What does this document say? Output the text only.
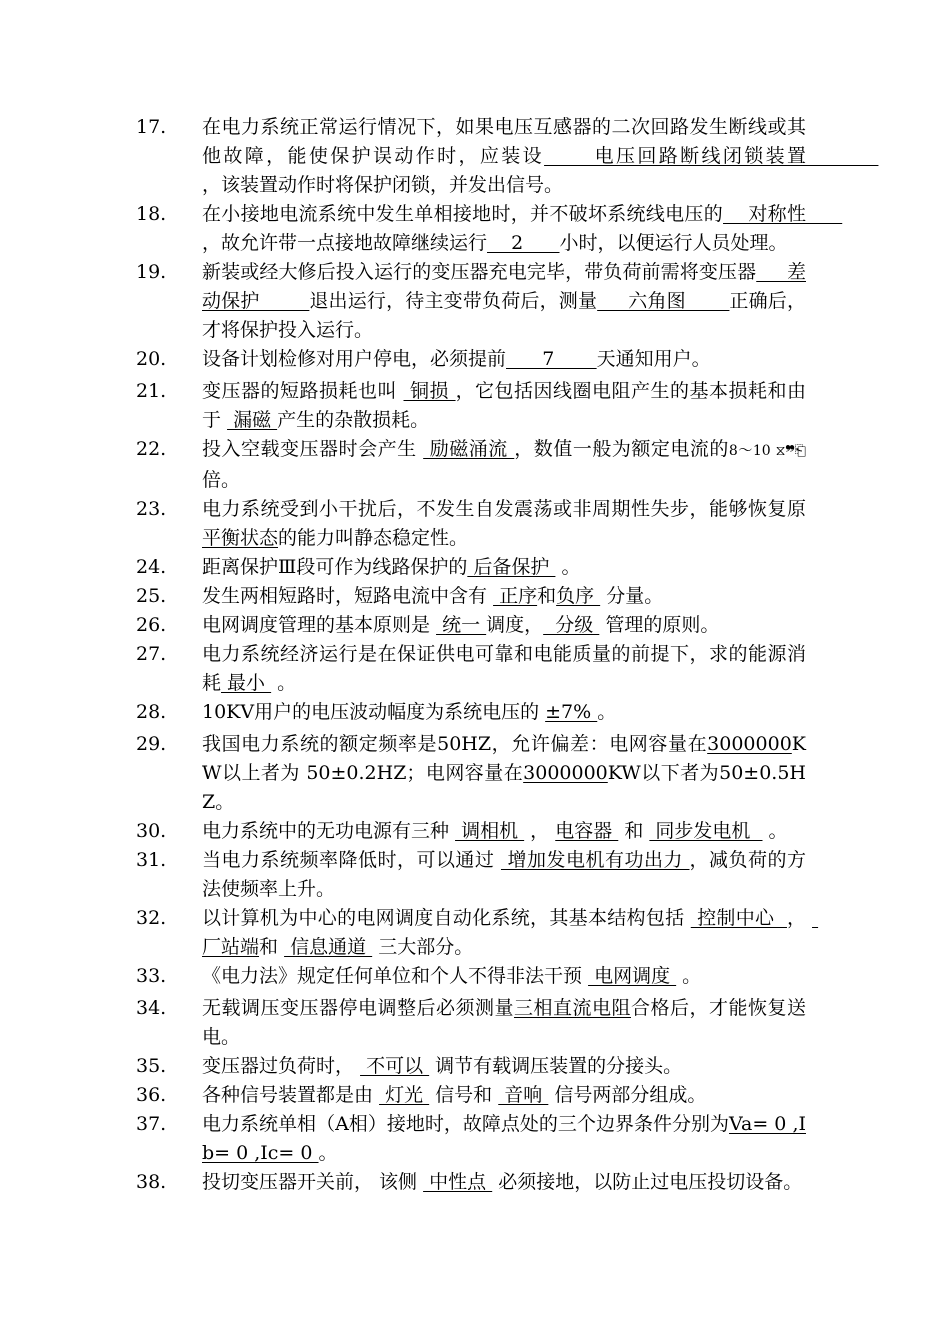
17.	在电力系统正常运行情况下，如果电压互感器的二次回路发生断线或其他故障，能使保护误动作时，应装设      电压回路断线闭锁装置            ，该装置动作时将保护闭锁，并发出信号。
18.	在小接地电流系统中发生单相接地时，并不破坏系统线电压的    对称性      ，故允许带一点接地故障继续运行    2      小时，以便运行人员处理。
19.	新装或经大修后投入运行的变压器充电完毕，带负荷前需将变压器     差动保护        退出运行，待主变带负荷后，测量     六角图       正确后，才将保护投入运行。
20.	设备计划检修对用户停电，必须提前      7       天通知用户。
21.	变压器的短路损耗也叫  铜损 ，它包括因线圈电阻产生的基本损耗和由于  漏磁 产生的杂散损耗。
22.	投入空载变压器时会产生  励磁涌流 ，数值一般为额定电流的8～10 ⧖❞⎗倍。
23.	电力系统受到小干扰后，不发生自发震荡或非周期性失步，能够恢复原平衡状态的能力叫静态稳定性。
24.	距离保护Ⅲ段可作为线路保护的 后备保护  。
25.	发生两相短路时，短路电流中含有  正序和负序  分量。
26.	电网调度管理的基本原则是  统一 调度，  分级  管理的原则。
27.	电力系统经济运行是在保证供电可靠和电能质量的前提下，求的能源消耗 最小  。
28.	10KV用户的电压波动幅度为系统电压的 ±7% 。
29.	我国电力系统的额定频率是50HZ，允许偏差：电网容量在3000000KW以上者为 50±0.2HZ；电网容量在3000000KW以下者为50±0.5HZ。
30.	电力系统中的无功电源有三种  调相机  ， 电容器  和  同步发电机   。
31.	当电力系统频率降低时，可以通过  增加发电机有功出力 ，减负荷的方法使频率上升。
32.	以计算机为中心的电网调度自动化系统，其基本结构包括  控制中心  ，  厂站端和  信息通道  三大部分。
33.	《电力法》规定任何单位和个人不得非法干预  电网调度  。
34.	无载调压变压器停电调整后必须测量三相直流电阻合格后，才能恢复送电。
35.	变压器过负荷时，  不可以  调节有载调压装置的分接头。
36.	各种信号装置都是由  灯光  信号和  音响  信号两部分组成。
37.	电力系统单相（A相）接地时，故障点处的三个边界条件分别为Va= 0 ,Ib= 0 ,Ic= 0 。
38.	投切变压器开关前， 该侧  中性点  必须接地，以防止过电压投切设备。
